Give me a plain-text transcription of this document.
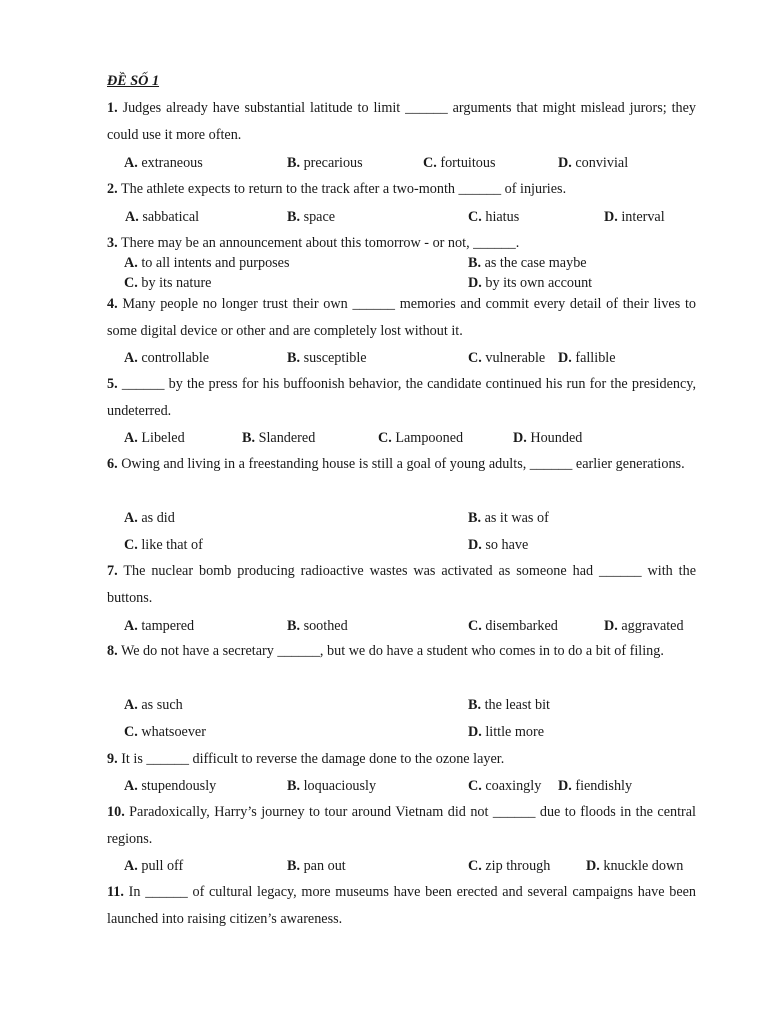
ĐỀ SỐ 1
1. Judges already have substantial latitude to limit ______ arguments that might mislead jurors; they could use it more often.
A. extraneous	B. precarious	C. fortuitous	D. convivial
2. The athlete expects to return to the track after a two-month ______ of injuries.
A. sabbatical	B. space	C. hiatus	D. interval
3. There may be an announcement about this tomorrow - or not, ______.
A. to all intents and purposes	B. as the case maybe
C. by its nature	D. by its own account
4. Many people no longer trust their own ______ memories and commit every detail of their lives to some digital device or other and are completely lost without it.
A. controllable	B. susceptible	C. vulnerable D. fallible
5. ______ by the press for his buffoonish behavior, the candidate continued his run for the presidency, undeterred.
A. Libeled	B. Slandered	C. Lampooned	D. Hounded
6. Owing and living in a freestanding house is still a goal of young adults, ______ earlier generations.
A. as did	B. as it was of
C. like that of	D. so have
7. The nuclear bomb producing radioactive wastes was activated as someone had ______ with the buttons.
A. tampered	B. soothed	C. disembarked	D. aggravated
8. We do not have a secretary ______, but we do have a student who comes in to do a bit of filing.
A. as such	B. the least bit
C. whatsoever	D. little more
9. It is ______ difficult to reverse the damage done to the ozone layer.
A. stupendously	B. loquaciously	C. coaxingly D. fiendishly
10. Paradoxically, Harry’s journey to tour around Vietnam did not ______ due to floods in the central regions.
A. pull off	B. pan out	C. zip through	D. knuckle down
11. In ______ of cultural legacy, more museums have been erected and several campaigns have been launched into raising citizen’s awareness.
